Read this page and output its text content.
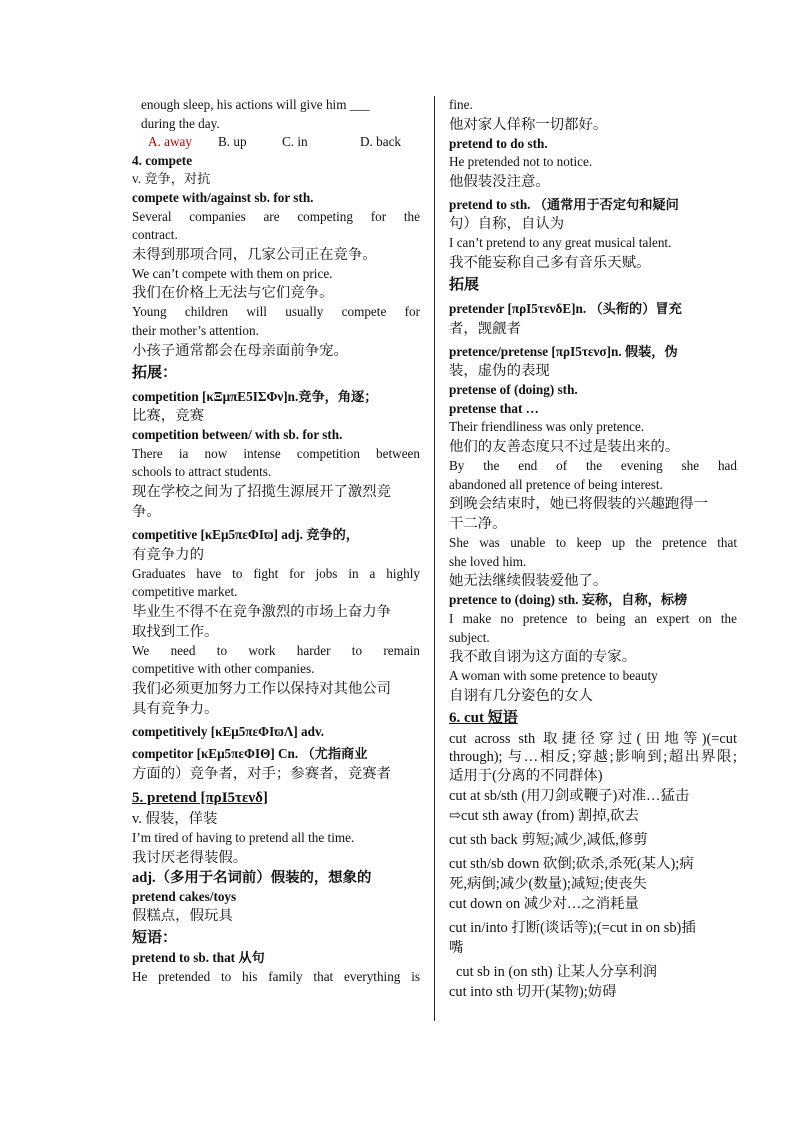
enough sleep, his actions will give him ___
during the day.
A. away B. up	C. in	D. back
4. compete
v. 竞争，对抗
compete with/against sb. for sth.
Several companies are competing for the
contract.
未得到那项合同，几家公司正在竞争。
We can’t compete with them on price.
我们在价格上无法与它们竞争。
Young children will usually compete for
their mother’s attention.
小孩子通常都会在母亲面前争宠。
拓展：
competition [κΞμπΕ5ΙΣΦν]n.竞争，角逐；
比赛，竞赛
competition between/ with sb. for sth.
There ia now intense competition between
schools to attract students.
现在学校之间为了招揽生源展开了激烈竞
争。
competitive [κΕμ5πεΦΙϖ] adj. 竞争的，
有竞争力的
Graduates have to fight for jobs in a highly
competitive market.
毕业生不得不在竞争激烈的市场上奋力争
取找到工作。
We need to work harder to remain
competitive with other companies.
我们必须更加努力工作以保持对其他公司
具有竞争力。
competitively [κΕμ5πεΦΙϖΛ] adv.
competitor [κΕμ5πεΦΙΘ] Cn. （尤指商业
方面的）竞争者，对手；参赛者，竞赛者
5. pretend [πρΙ5τενδ]
v. 假装，佯装
I’m tired of having to pretend all the time.
我讨厌老得装假。
adj.（多用于名词前）假装的，想象的
pretend cakes/toys
假糕点，假玩具
短语：
pretend to sb. that 从句
He pretended to his family that everything is
fine.
他对家人佯称一切都好。
pretend to do sth.
He pretended not to notice.
他假装没注意。
pretend to sth. （通常用于否定句和疑问
句）自称，自认为
I can’t pretend to any great musical talent.
我不能妄称自己多有音乐天赋。
拓展
pretender [πρΙ5τενδΕ]n. （头衔的）冒充
者，觊觎者
pretence/pretense [πρΙ5τενσ]n. 假装，伪
装，虚伪的表现
pretense of (doing) sth.
pretense that …
Their friendliness was only pretence.
他们的友善态度只不过是装出来的。
By the end of the evening she had
abandoned all pretence of being interest.
到晚会结束时，她已将假装的兴趣跑得一
干二净。
She was unable to keep up the pretence that
she loved him.
她无法继续假装爱他了。
pretence to (doing) sth. 妄称，自称，标榜
I make no pretence to being an expert on the
subject.
我不敢自诩为这方面的专家。
A woman with some pretence to beauty
自诩有几分姿色的女人
6. cut 短语
cut across sth 取捷径穿过(田地等)(=cut
through); 与…相反;穿越;影响到;超出界限;
适用于(分离的不同群体)
cut at sb/sth (用刀剑或鞭子)对准…猛击
⇨cut sth away (from) 割掉,砍去
cut sth back 剪短;减少,减低,修剪
cut sth/sb down 砍倒;砍杀,杀死(某人);病
死,病倒;减少(数量);减短;使丧失
cut down on 减少对…之消耗量
cut in/into 打断(谈话等);(=cut in on sb)插
嘴
cut sb in (on sth) 让某人分享利润
cut into sth 切开(某物);妨碍
